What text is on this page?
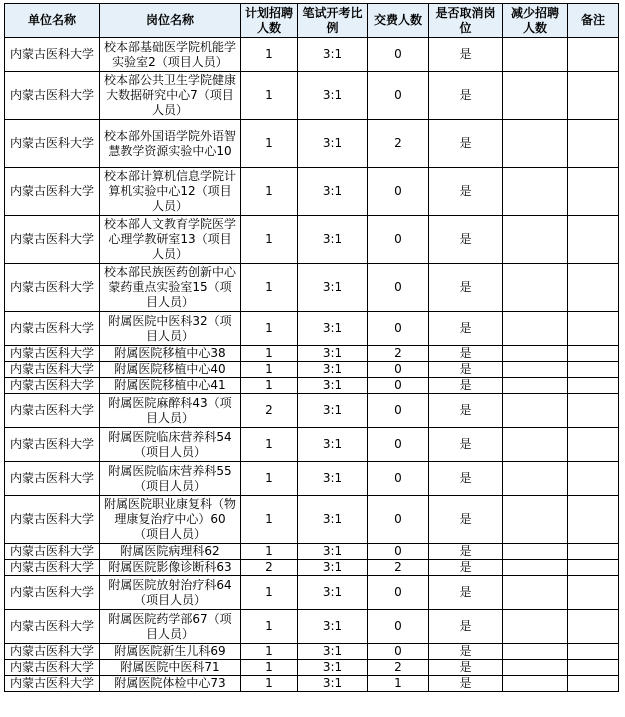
单位名称	岗位名称	计划招聘人数	笔试开考比例	交费人数	是否取消岗位	减少招聘人数	备注
内蒙古医科大学	校本部基础医学院机能学实验室2（项目人员）	1	3:1	0	是		
内蒙古医科大学	校本部公共卫生学院健康大数据研究中心7（项目人员）	1	3:1	0	是		
内蒙古医科大学	校本部外国语学院外语智慧教学资源实验中心10	1	3:1	2	是		
内蒙古医科大学	校本部计算机信息学院计算机实验中心12（项目人员）	1	3:1	0	是		
内蒙古医科大学	校本部人文教育学院医学心理学教研室13（项目人员）	1	3:1	0	是		
内蒙古医科大学	校本部民族医药创新中心蒙药重点实验室15（项目人员）	1	3:1	0	是		
内蒙古医科大学	附属医院中医科32（项目人员）	1	3:1	0	是		
内蒙古医科大学	附属医院移植中心38	1	3:1	2	是		
内蒙古医科大学	附属医院移植中心40	1	3:1	0	是		
内蒙古医科大学	附属医院移植中心41	1	3:1	0	是		
内蒙古医科大学	附属医院麻醉科43（项目人员）	2	3:1	0	是		
内蒙古医科大学	附属医院临床营养科54（项目人员）	1	3:1	0	是		
内蒙古医科大学	附属医院临床营养科55（项目人员）	1	3:1	0	是		
内蒙古医科大学	附属医院职业康复科（物理康复治疗中心）60（项目人员）	1	3:1	0	是		
内蒙古医科大学	附属医院病理科62	1	3:1	0	是		
内蒙古医科大学	附属医院影像诊断科63	2	3:1	2	是		
内蒙古医科大学	附属医院放射治疗科64（项目人员）	1	3:1	0	是		
内蒙古医科大学	附属医院药学部67（项目人员）	1	3:1	0	是		
内蒙古医科大学	附属医院新生儿科69	1	3:1	0	是		
内蒙古医科大学	附属医院中医科71	1	3:1	2	是		
内蒙古医科大学	附属医院体检中心73	1	3:1	1	是		
